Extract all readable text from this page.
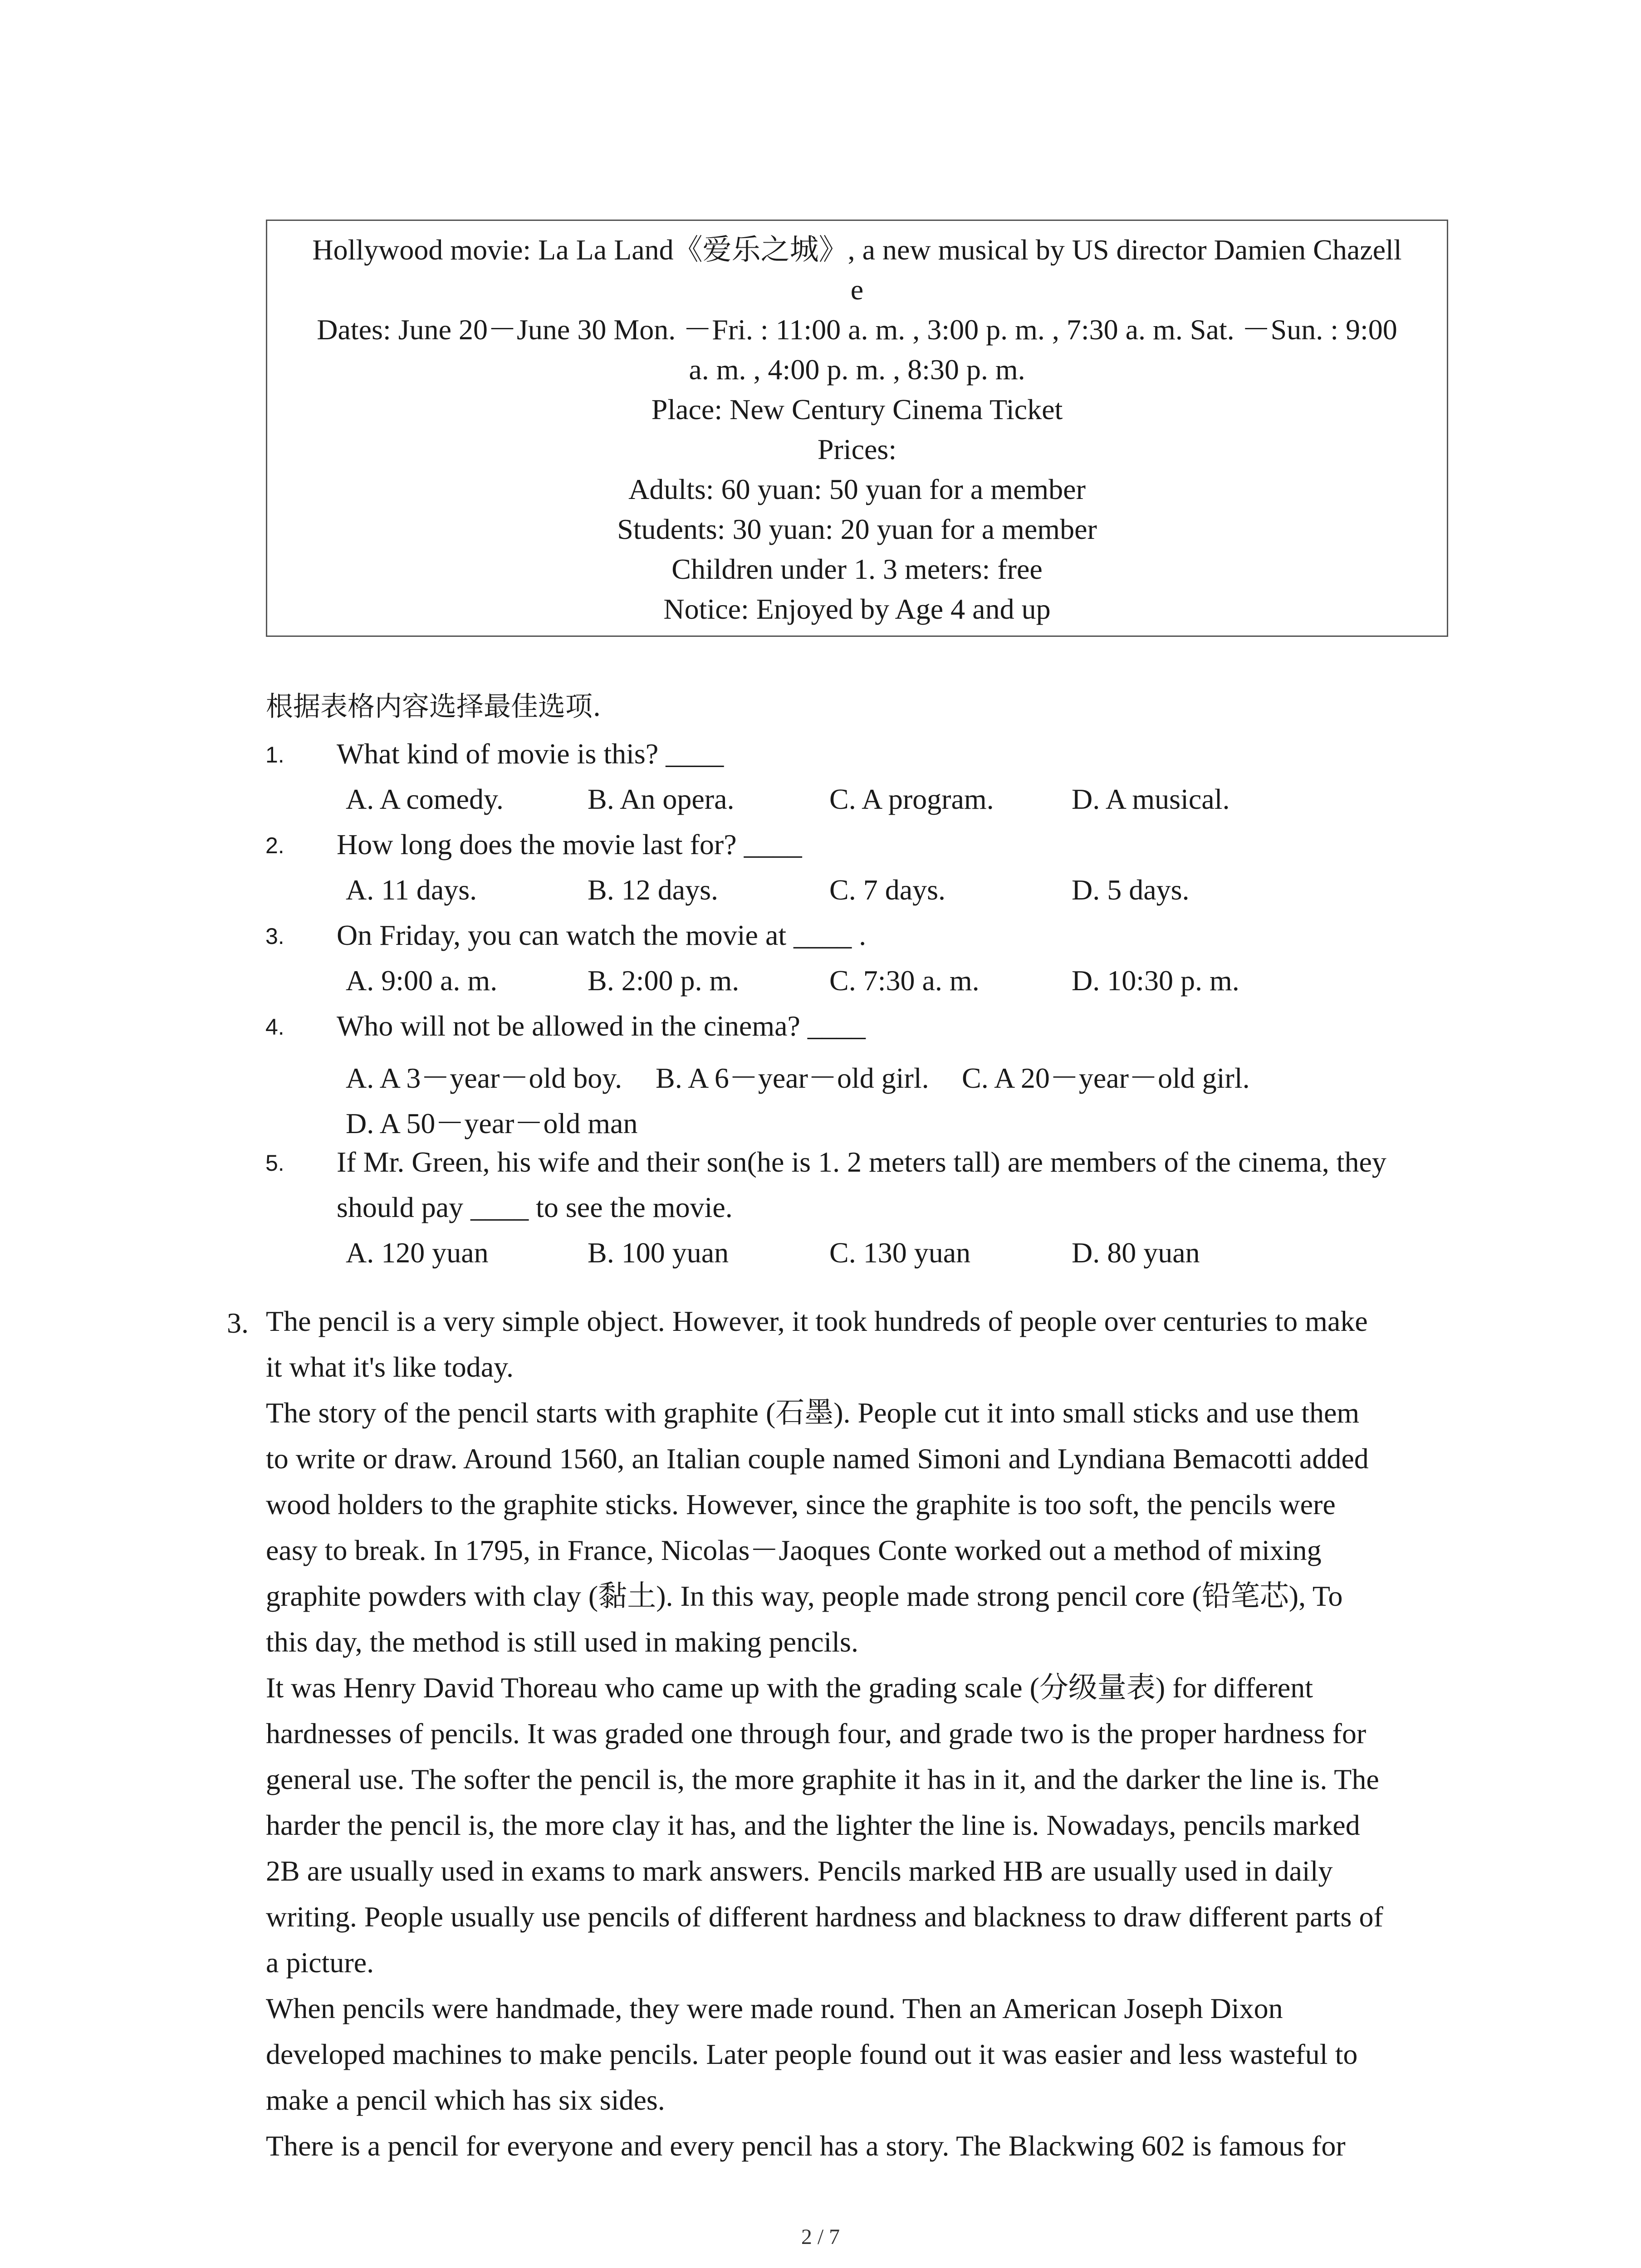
Hollywood movie: La La Land《爱乐之城》, a new musical by US director Damien Chazell
e
Dates: June 20－June 30 Mon. －Fri. : 11:00 a. m. , 3:00 p. m. , 7:30 a. m. Sat. －Sun. : 9:00
a. m. , 4:00 p. m. , 8:30 p. m.
Place: New Century Cinema Ticket
Prices:
Adults: 60 yuan: 50 yuan for a member
Students: 30 yuan: 20 yuan for a member
Children under 1. 3 meters: free
Notice: Enjoyed by Age 4 and up
根据表格内容选择最佳选项.
1. What kind of movie is this? ____
A. A comedy.	B. An opera.	C. A program.	D. A musical.
2. How long does the movie last for? ____
A. 11 days.	B. 12 days.	C. 7 days.	D. 5 days.
3. On Friday, you can watch the movie at ____ .
A. 9:00 a. m.	B. 2:00 p. m.	C. 7:30 a. m.	D. 10:30 p. m.
4. Who will not be allowed in the cinema? ____
A. A 3－year－old boy. B. A 6－year－old girl. C. A 20－year－old girl.
D. A 50－year－old man
5. If Mr. Green, his wife and their son(he is 1. 2 meters tall) are members of the cinema, they
should pay ____ to see the movie.
A. 120 yuan	B. 100 yuan	C. 130 yuan	D. 80 yuan
3. The pencil is a very simple object. However, it took hundreds of people over centuries to make
it what it's like today.
The story of the pencil starts with graphite (石墨). People cut it into small sticks and use them
to write or draw. Around 1560, an Italian couple named Simoni and Lyndiana Bemacotti added
wood holders to the graphite sticks. However, since the graphite is too soft, the pencils were
easy to break. In 1795, in France, Nicolas－Jaoques Conte worked out a method of mixing
graphite powders with clay (黏土). In this way, people made strong pencil core (铅笔芯), To
this day, the method is still used in making pencils.
It was Henry David Thoreau who came up with the grading scale (分级量表) for different
hardnesses of pencils. It was graded one through four, and grade two is the proper hardness for
general use. The softer the pencil is, the more graphite it has in it, and the darker the line is. The
harder the pencil is, the more clay it has, and the lighter the line is. Nowadays, pencils marked
2B are usually used in exams to mark answers. Pencils marked HB are usually used in daily
writing. People usually use pencils of different hardness and blackness to draw different parts of
a picture.
When pencils were handmade, they were made round. Then an American Joseph Dixon
developed machines to make pencils. Later people found out it was easier and less wasteful to
make a pencil which has six sides.
There is a pencil for everyone and every pencil has a story. The Blackwing 602 is famous for
2 / 7
